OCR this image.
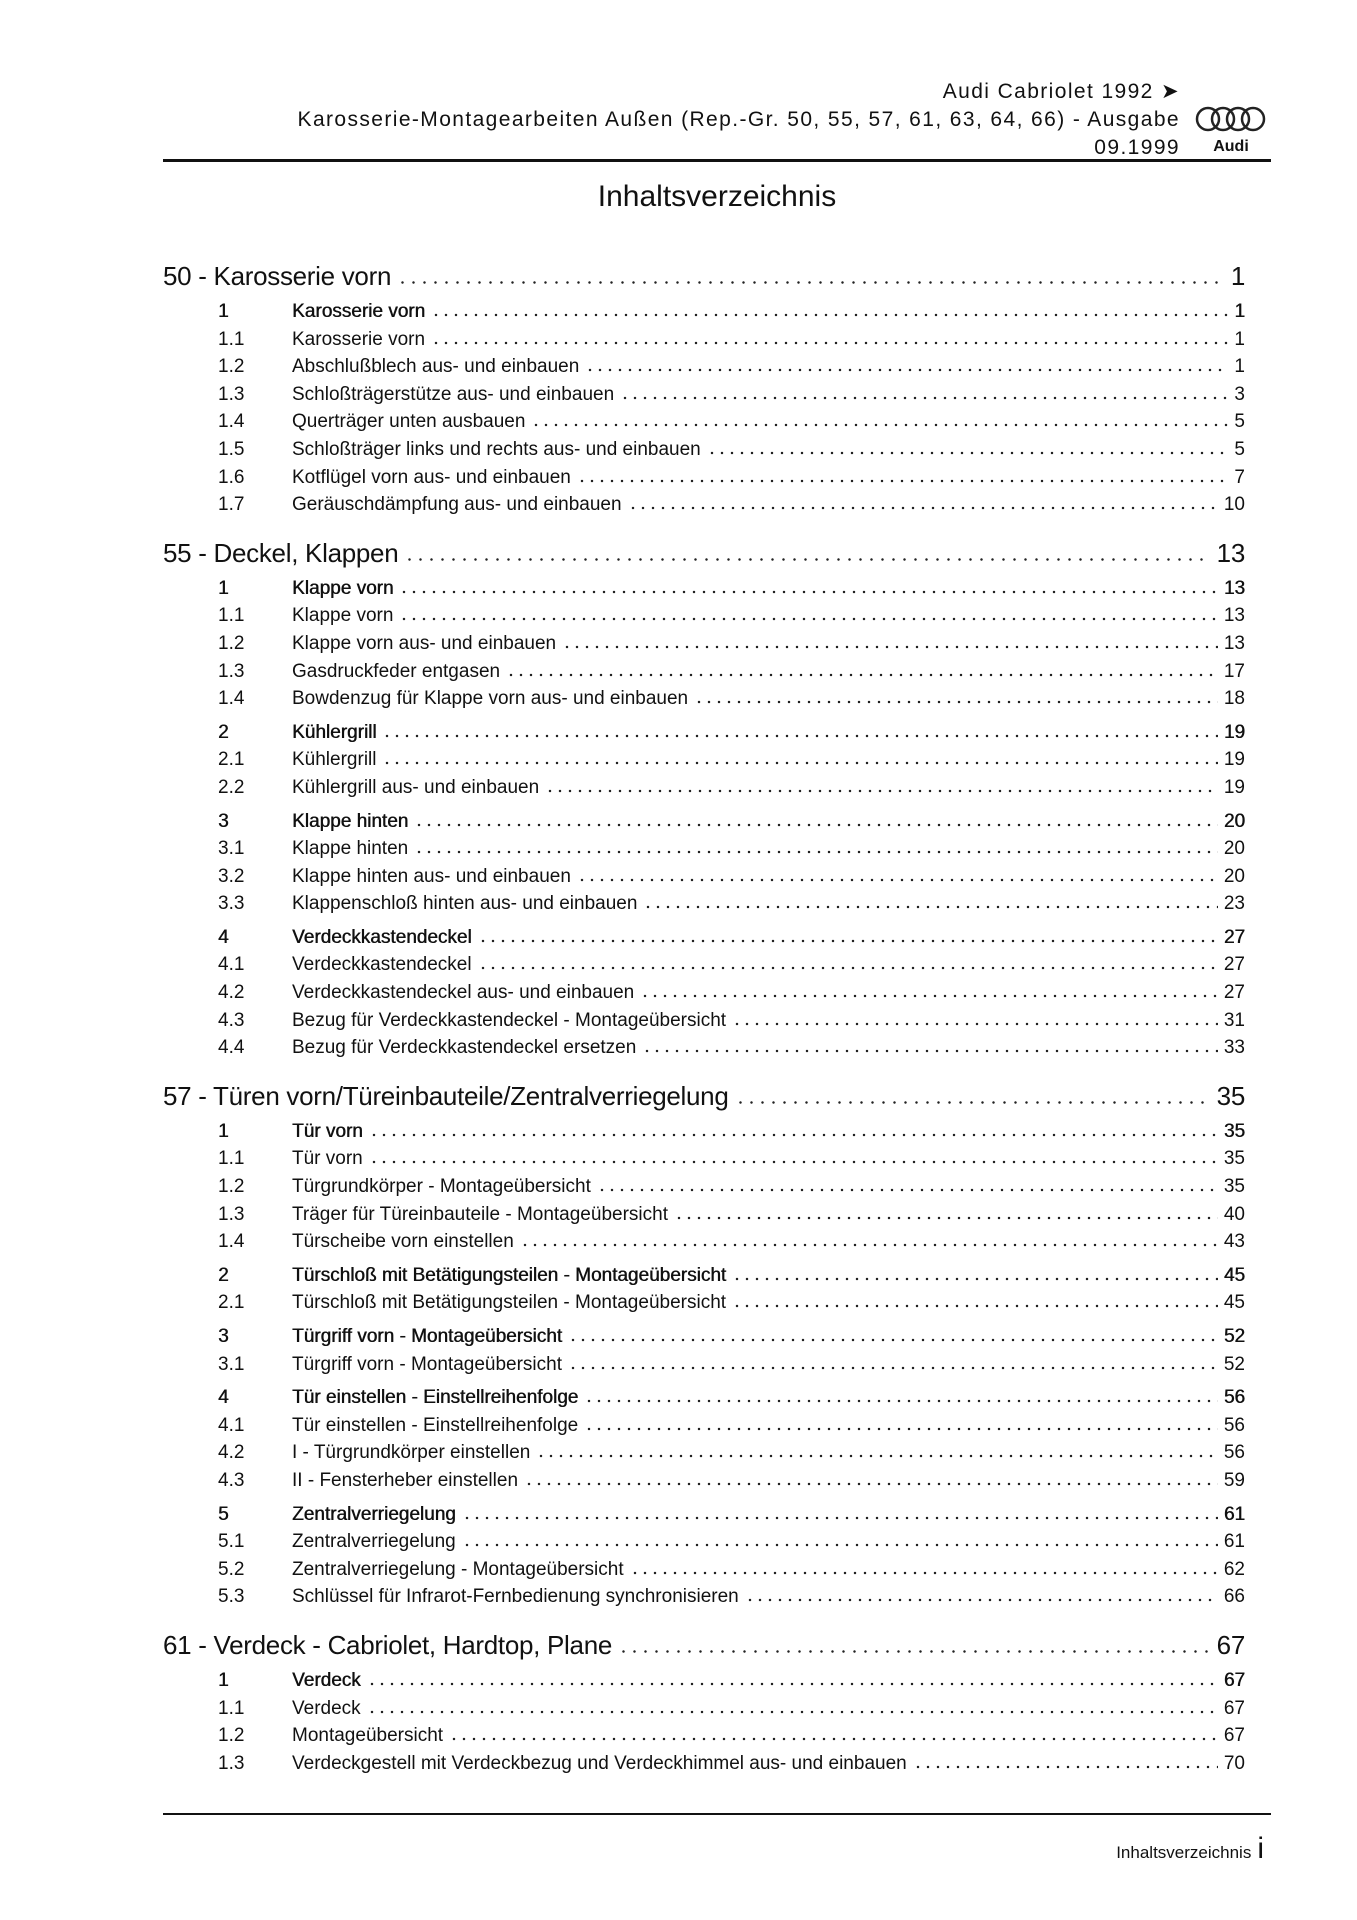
Audi Cabriolet 1992 ➤
Karosserie-Montagearbeiten Außen (Rep.-Gr. 50, 55, 57, 61, 63, 64, 66) - Ausgabe
09.1999 Audi
Inhaltsverzeichnis
50 - Karosserie vorn	1
1	Karosserie vorn	1
1.1	Karosserie vorn	1
1.2	Abschlußblech aus- und einbauen	1
1.3	Schloßträgerstütze aus- und einbauen	3
1.4	Querträger unten ausbauen	5
1.5	Schloßträger links und rechts aus- und einbauen	5
1.6	Kotflügel vorn aus- und einbauen	7
1.7	Geräuschdämpfung aus- und einbauen	10
55 - Deckel, Klappen	13
1	Klappe vorn	13
1.1	Klappe vorn	13
1.2	Klappe vorn aus- und einbauen	13
1.3	Gasdruckfeder entgasen	17
1.4	Bowdenzug für Klappe vorn aus- und einbauen	18
2	Kühlergrill	19
2.1	Kühlergrill	19
2.2	Kühlergrill aus- und einbauen	19
3	Klappe hinten	20
3.1	Klappe hinten	20
3.2	Klappe hinten aus- und einbauen	20
3.3	Klappenschloß hinten aus- und einbauen	23
4	Verdeckkastendeckel	27
4.1	Verdeckkastendeckel	27
4.2	Verdeckkastendeckel aus- und einbauen	27
4.3	Bezug für Verdeckkastendeckel - Montageübersicht	31
4.4	Bezug für Verdeckkastendeckel ersetzen	33
57 - Türen vorn/Türeinbauteile/Zentralverriegelung	35
1	Tür vorn	35
1.1	Tür vorn	35
1.2	Türgrundkörper - Montageübersicht	35
1.3	Träger für Türeinbauteile - Montageübersicht	40
1.4	Türscheibe vorn einstellen	43
2	Türschloß mit Betätigungsteilen - Montageübersicht	45
2.1	Türschloß mit Betätigungsteilen - Montageübersicht	45
3	Türgriff vorn - Montageübersicht	52
3.1	Türgriff vorn - Montageübersicht	52
4	Tür einstellen - Einstellreihenfolge	56
4.1	Tür einstellen - Einstellreihenfolge	56
4.2	I - Türgrundkörper einstellen	56
4.3	II - Fensterheber einstellen	59
5	Zentralverriegelung	61
5.1	Zentralverriegelung	61
5.2	Zentralverriegelung - Montageübersicht	62
5.3	Schlüssel für Infrarot-Fernbedienung synchronisieren	66
61 - Verdeck - Cabriolet, Hardtop, Plane	67
1	Verdeck	67
1.1	Verdeck	67
1.2	Montageübersicht	67
1.3	Verdeckgestell mit Verdeckbezug und Verdeckhimmel aus- und einbauen	70
Inhaltsverzeichnis i
